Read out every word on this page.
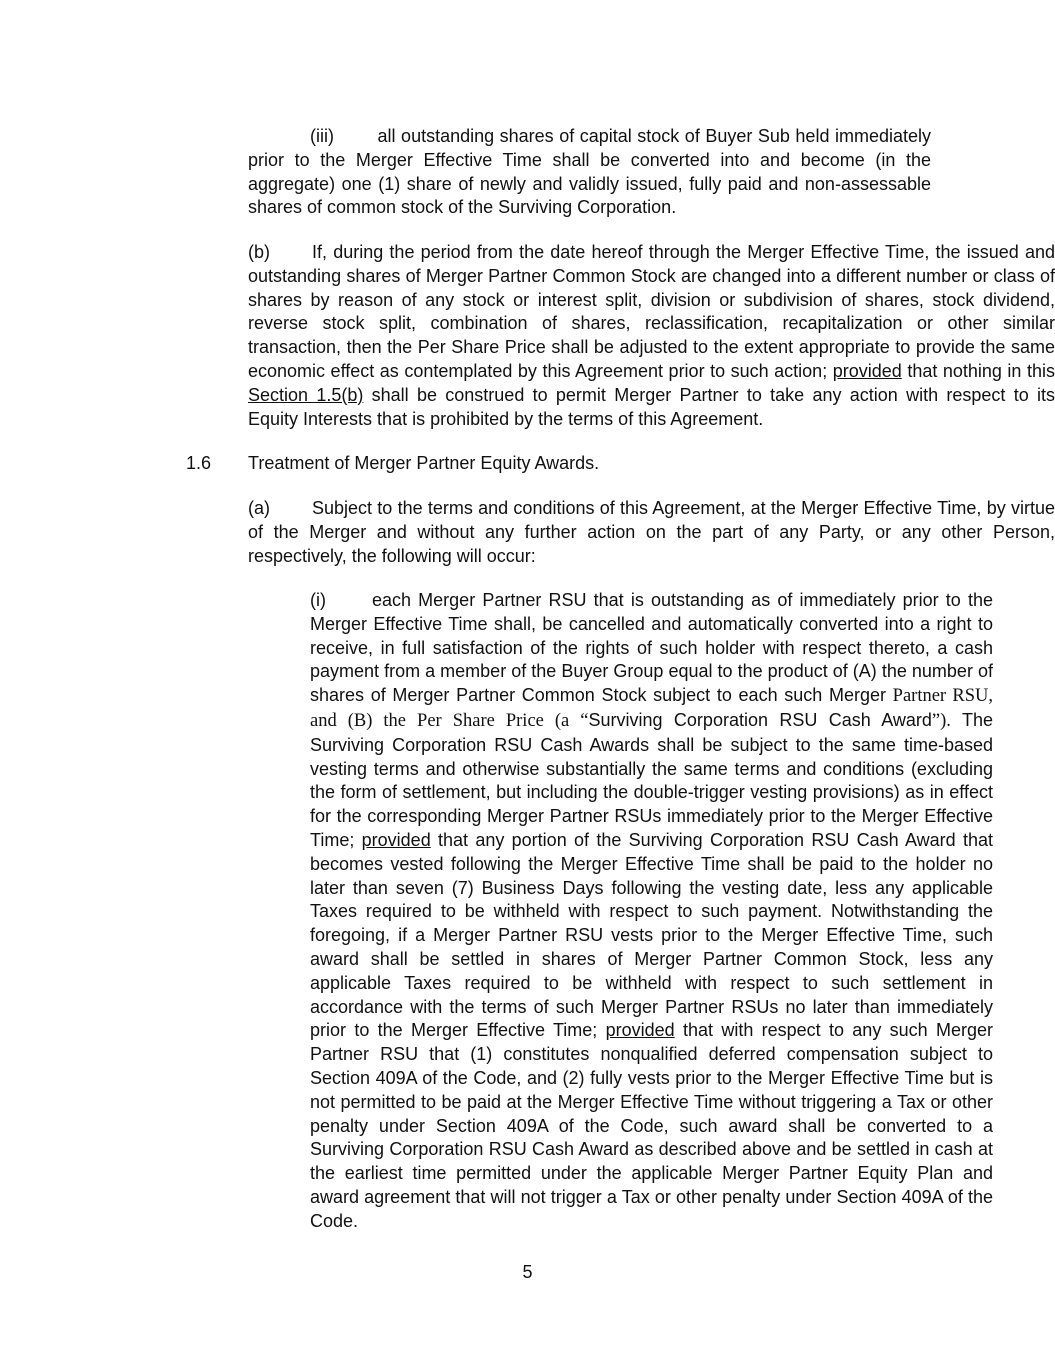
(iii) all outstanding shares of capital stock of Buyer Sub held immediately prior to the Merger Effective Time shall be converted into and become (in the aggregate) one (1) share of newly and validly issued, fully paid and non-assessable shares of common stock of the Surviving Corporation.

(b) If, during the period from the date hereof through the Merger Effective Time, the issued and outstanding shares of Merger Partner Common Stock are changed into a different number or class of shares by reason of any stock or interest split, division or subdivision of shares, stock dividend, reverse stock split, combination of shares, reclassification, recapitalization or other similar transaction, then the Per Share Price shall be adjusted to the extent appropriate to provide the same economic effect as contemplated by this Agreement prior to such action; provided that nothing in this Section 1.5(b) shall be construed to permit Merger Partner to take any action with respect to its Equity Interests that is prohibited by the terms of this Agreement.

1.6 Treatment of Merger Partner Equity Awards.

(a) Subject to the terms and conditions of this Agreement, at the Merger Effective Time, by virtue of the Merger and without any further action on the part of any Party, or any other Person, respectively, the following will occur:

(i)	each Merger Partner RSU that is outstanding as of immediately prior to the Merger Effective Time shall, be cancelled and automatically converted into a right to receive, in full satisfaction of the rights of such holder with respect thereto, a cash payment from a member of the Buyer Group equal to the product of (A) the number of shares of Merger Partner Common Stock subject to each such Merger Partner RSU, and (B) the Per Share Price (a “Surviving Corporation RSU Cash Award”). The Surviving Corporation RSU Cash Awards shall be subject to the same time-based vesting terms and otherwise substantially the same terms and conditions (excluding the form of settlement, but including the double-trigger vesting provisions) as in effect for the corresponding Merger Partner RSUs immediately prior to the Merger Effective Time; provided that any portion of the Surviving Corporation RSU Cash Award that becomes vested following the Merger Effective Time shall be paid to the holder no later than seven (7) Business Days following the vesting date, less any applicable Taxes required to be withheld with respect to such payment. Notwithstanding the foregoing, if a Merger Partner RSU vests prior to the Merger Effective Time, such award shall be settled in shares of Merger Partner Common Stock, less any applicable Taxes required to be withheld with respect to such settlement in accordance with the terms of such Merger Partner RSUs no later than immediately prior to the Merger Effective Time; provided that with respect to any such Merger Partner RSU that (1) constitutes nonqualified deferred compensation subject to Section 409A of the Code, and (2) fully vests prior to the Merger Effective Time but is not permitted to be paid at the Merger Effective Time without triggering a Tax or other penalty under Section 409A of the Code, such award shall be converted to a Surviving Corporation RSU Cash Award as described above and be settled in cash at the earliest time permitted under the applicable Merger Partner Equity Plan and award agreement that will not trigger a Tax or other penalty under Section 409A of the Code.

5
